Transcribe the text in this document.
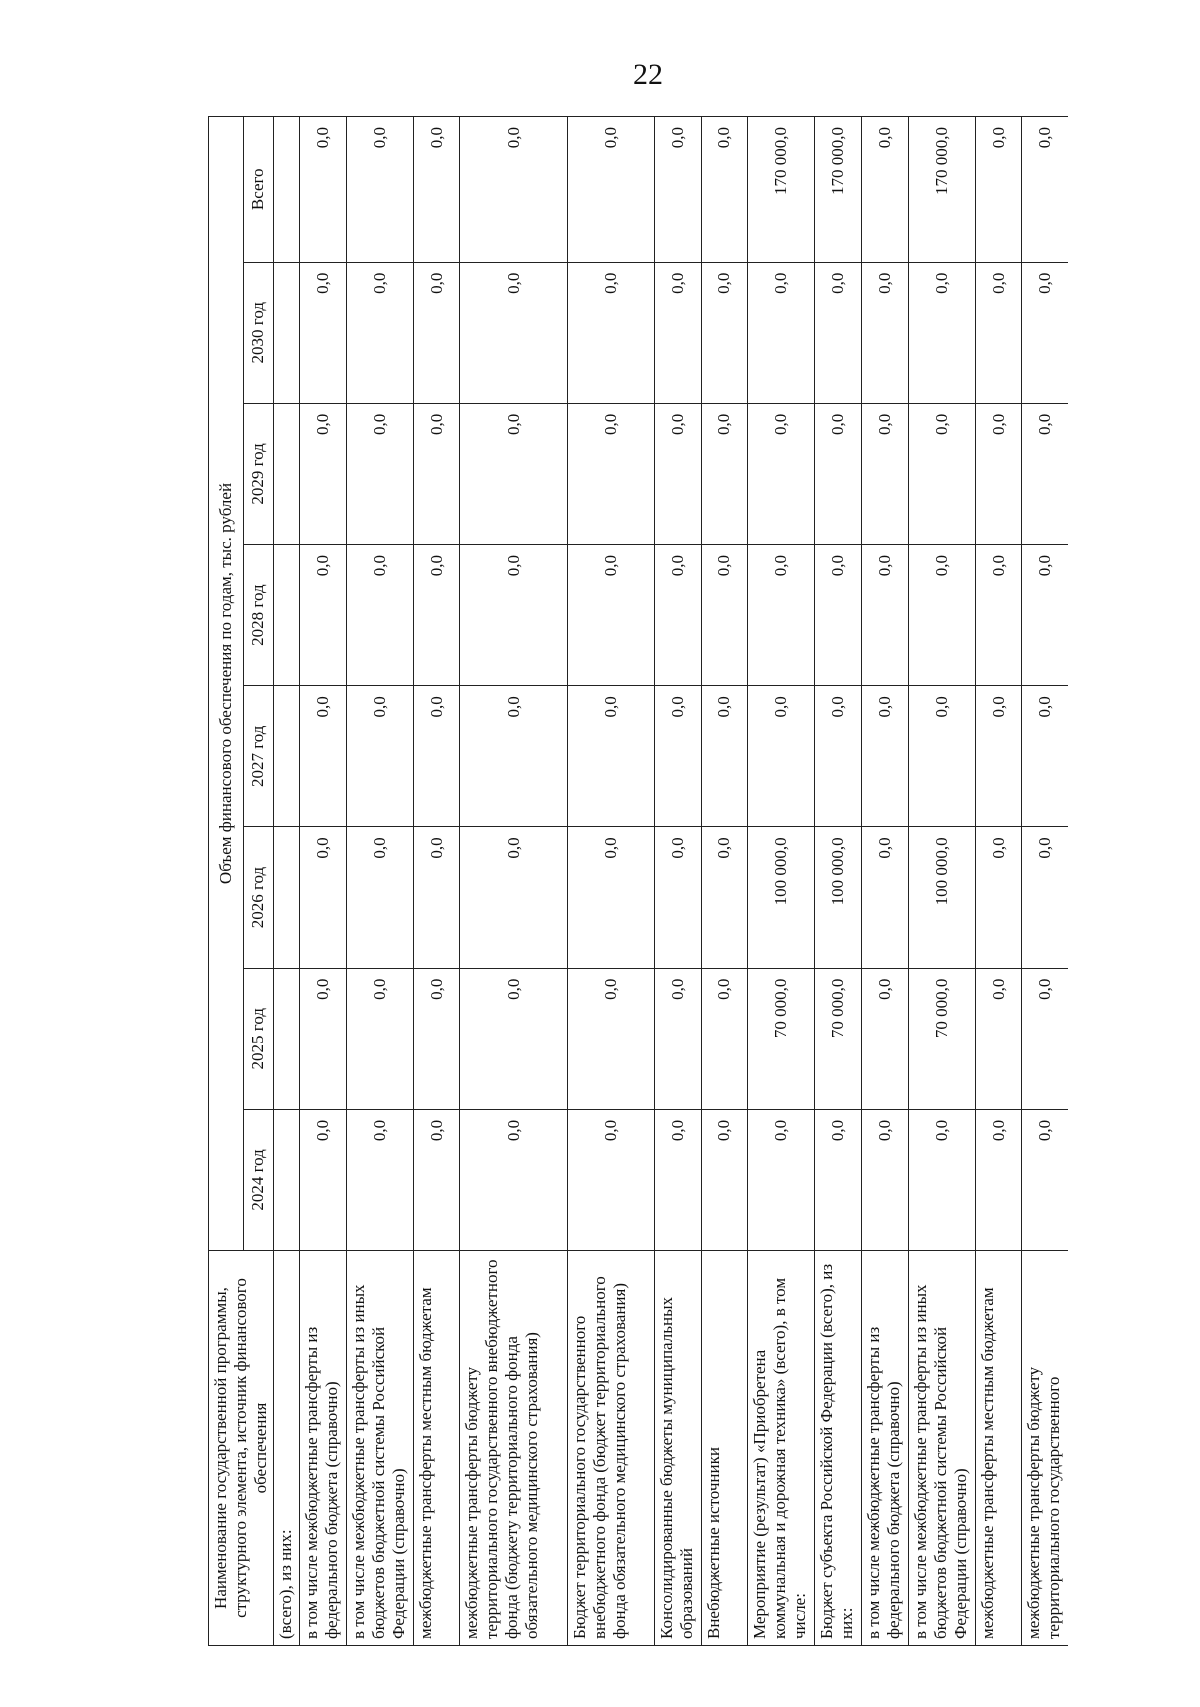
22
Наименование государственной программы, структурного элемента, источник финансового обеспечения	Объем финансового обеспечения по годам, тыс. рублей							
	2024 год	2025 год	2026 год	2027 год	2028 год	2029 год	2030 год	Всего
(всего), из них:								
в том числе межбюджетные трансферты из федерального бюджета (справочно)	0,0	0,0	0,0	0,0	0,0	0,0	0,0	0,0
в том числе межбюджетные трансферты из иных бюджетов бюджетной системы Российской Федерации (справочно)	0,0	0,0	0,0	0,0	0,0	0,0	0,0	0,0
межбюджетные трансферты местным бюджетам	0,0	0,0	0,0	0,0	0,0	0,0	0,0	0,0
межбюджетные трансферты бюджету территориального государственного внебюджетного фонда (бюджету территориального фонда обязательного медицинского страхования)	0,0	0,0	0,0	0,0	0,0	0,0	0,0	0,0
Бюджет территориального государственного внебюджетного фонда (бюджет территориального фонда обязательного медицинского страхования)	0,0	0,0	0,0	0,0	0,0	0,0	0,0	0,0
Консолидированные бюджеты муниципальных образований	0,0	0,0	0,0	0,0	0,0	0,0	0,0	0,0
Внебюджетные источники	0,0	0,0	0,0	0,0	0,0	0,0	0,0	0,0
Мероприятие (результат) «Приобретена коммунальная и дорожная техника» (всего), в том числе:	0,0	70 000,0	100 000,0	0,0	0,0	0,0	0,0	170 000,0
Бюджет субъекта Российской Федерации (всего), из них:	0,0	70 000,0	100 000,0	0,0	0,0	0,0	0,0	170 000,0
в том числе межбюджетные трансферты из федерального бюджета (справочно)	0,0	0,0	0,0	0,0	0,0	0,0	0,0	0,0
в том числе межбюджетные трансферты из иных бюджетов бюджетной системы Российской Федерации (справочно)	0,0	70 000,0	100 000,0	0,0	0,0	0,0	0,0	170 000,0
межбюджетные трансферты местным бюджетам	0,0	0,0	0,0	0,0	0,0	0,0	0,0	0,0
межбюджетные трансферты бюджету территориального государственного	0,0	0,0	0,0	0,0	0,0	0,0	0,0	0,0
